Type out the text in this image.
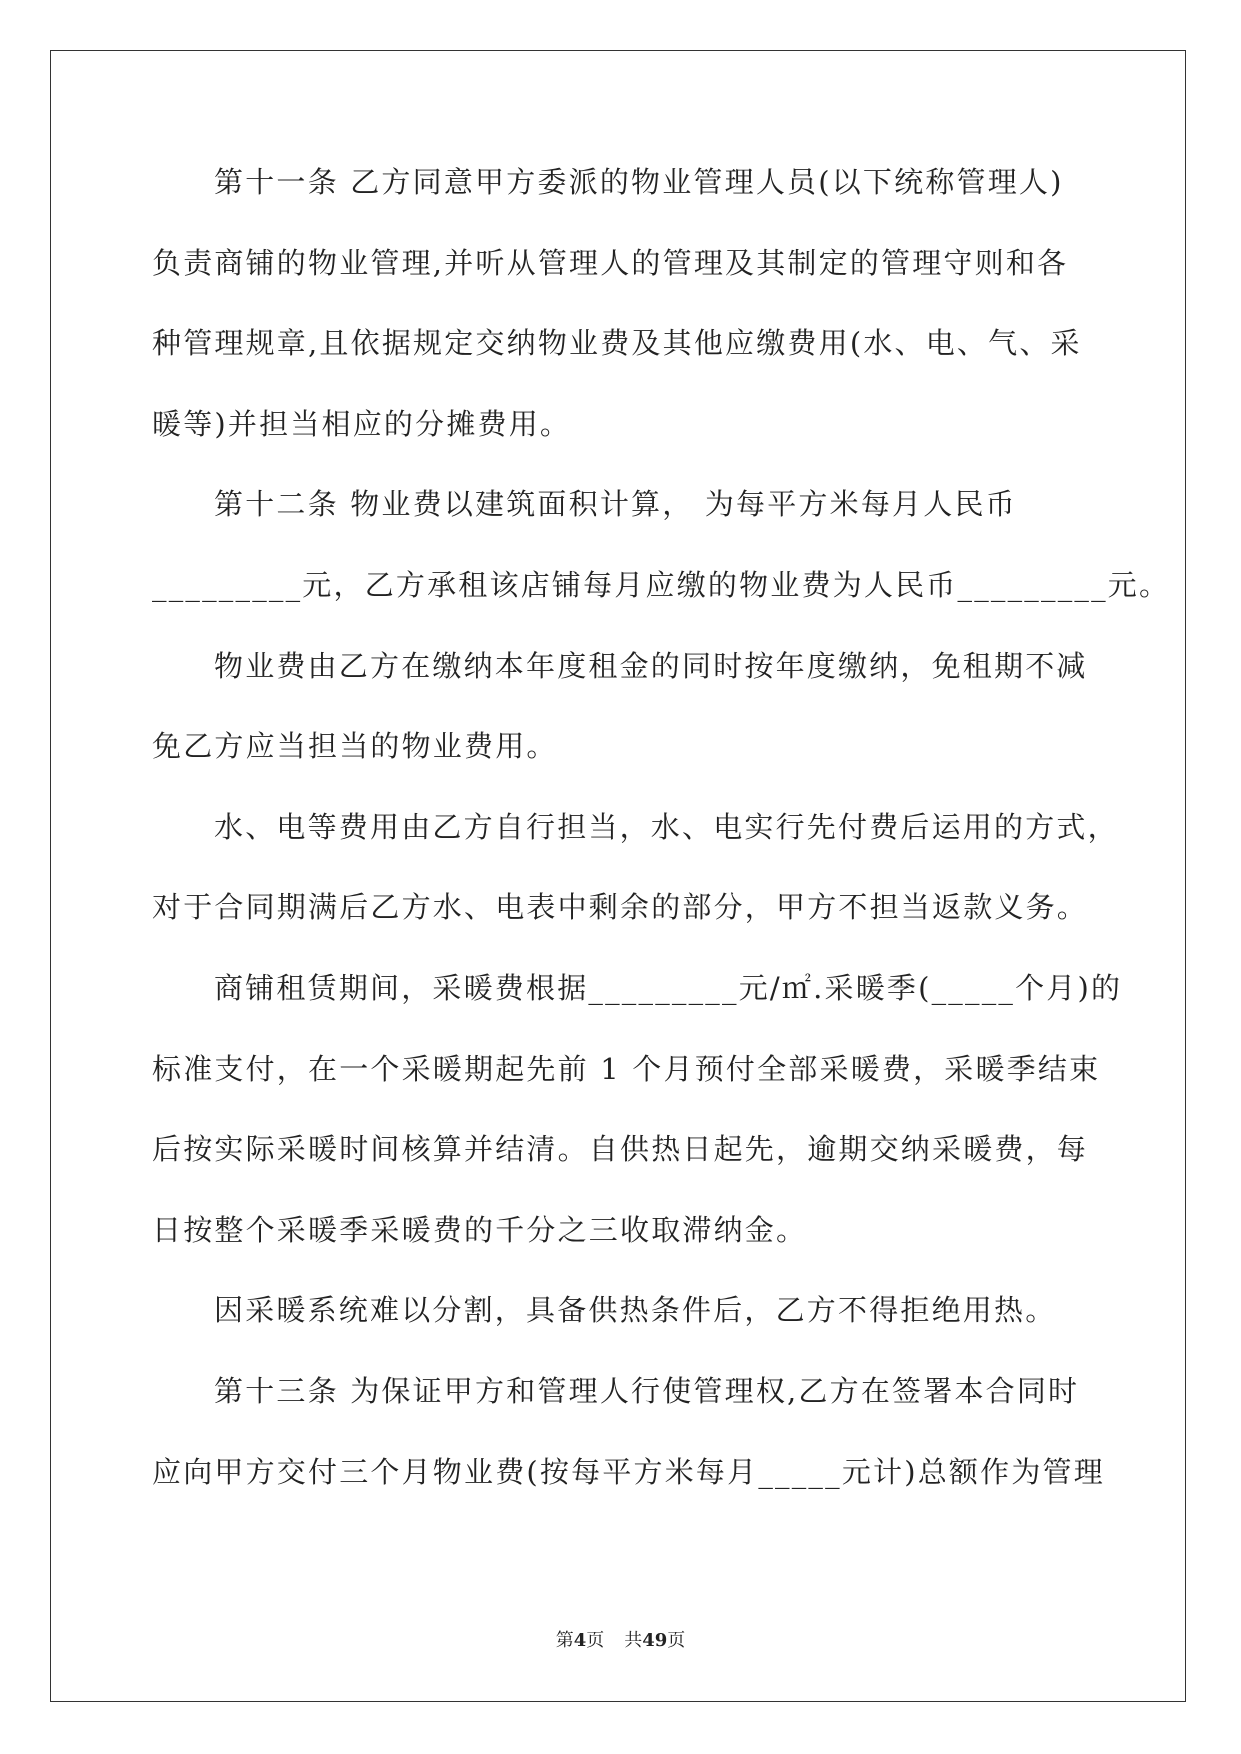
第十一条 乙方同意甲方委派的物业管理人员(以下统称管理人)
负责商铺的物业管理,并听从管理人的管理及其制定的管理守则和各
种管理规章,且依据规定交纳物业费及其他应缴费用(水、电、气、采
暖等)并担当相应的分摊费用。
第十二条 物业费以建筑面积计算， 为每平方米每月人民币
_________元，乙方承租该店铺每月应缴的物业费为人民币_________元。
物业费由乙方在缴纳本年度租金的同时按年度缴纳，免租期不减
免乙方应当担当的物业费用。
水、电等费用由乙方自行担当，水、电实行先付费后运用的方式，
对于合同期满后乙方水、电表中剩余的部分，甲方不担当返款义务。
商铺租赁期间，采暖费根据_________元/㎡.采暖季(_____个月)的
标准支付，在一个采暖期起先前 1 个月预付全部采暖费，采暖季结束
后按实际采暖时间核算并结清。自供热日起先，逾期交纳采暖费，每
日按整个采暖季采暖费的千分之三收取滞纳金。
因采暖系统难以分割，具备供热条件后，乙方不得拒绝用热。
第十三条 为保证甲方和管理人行使管理权,乙方在签署本合同时
应向甲方交付三个月物业费(按每平方米每月_____元计)总额作为管理
第4页 共49页
